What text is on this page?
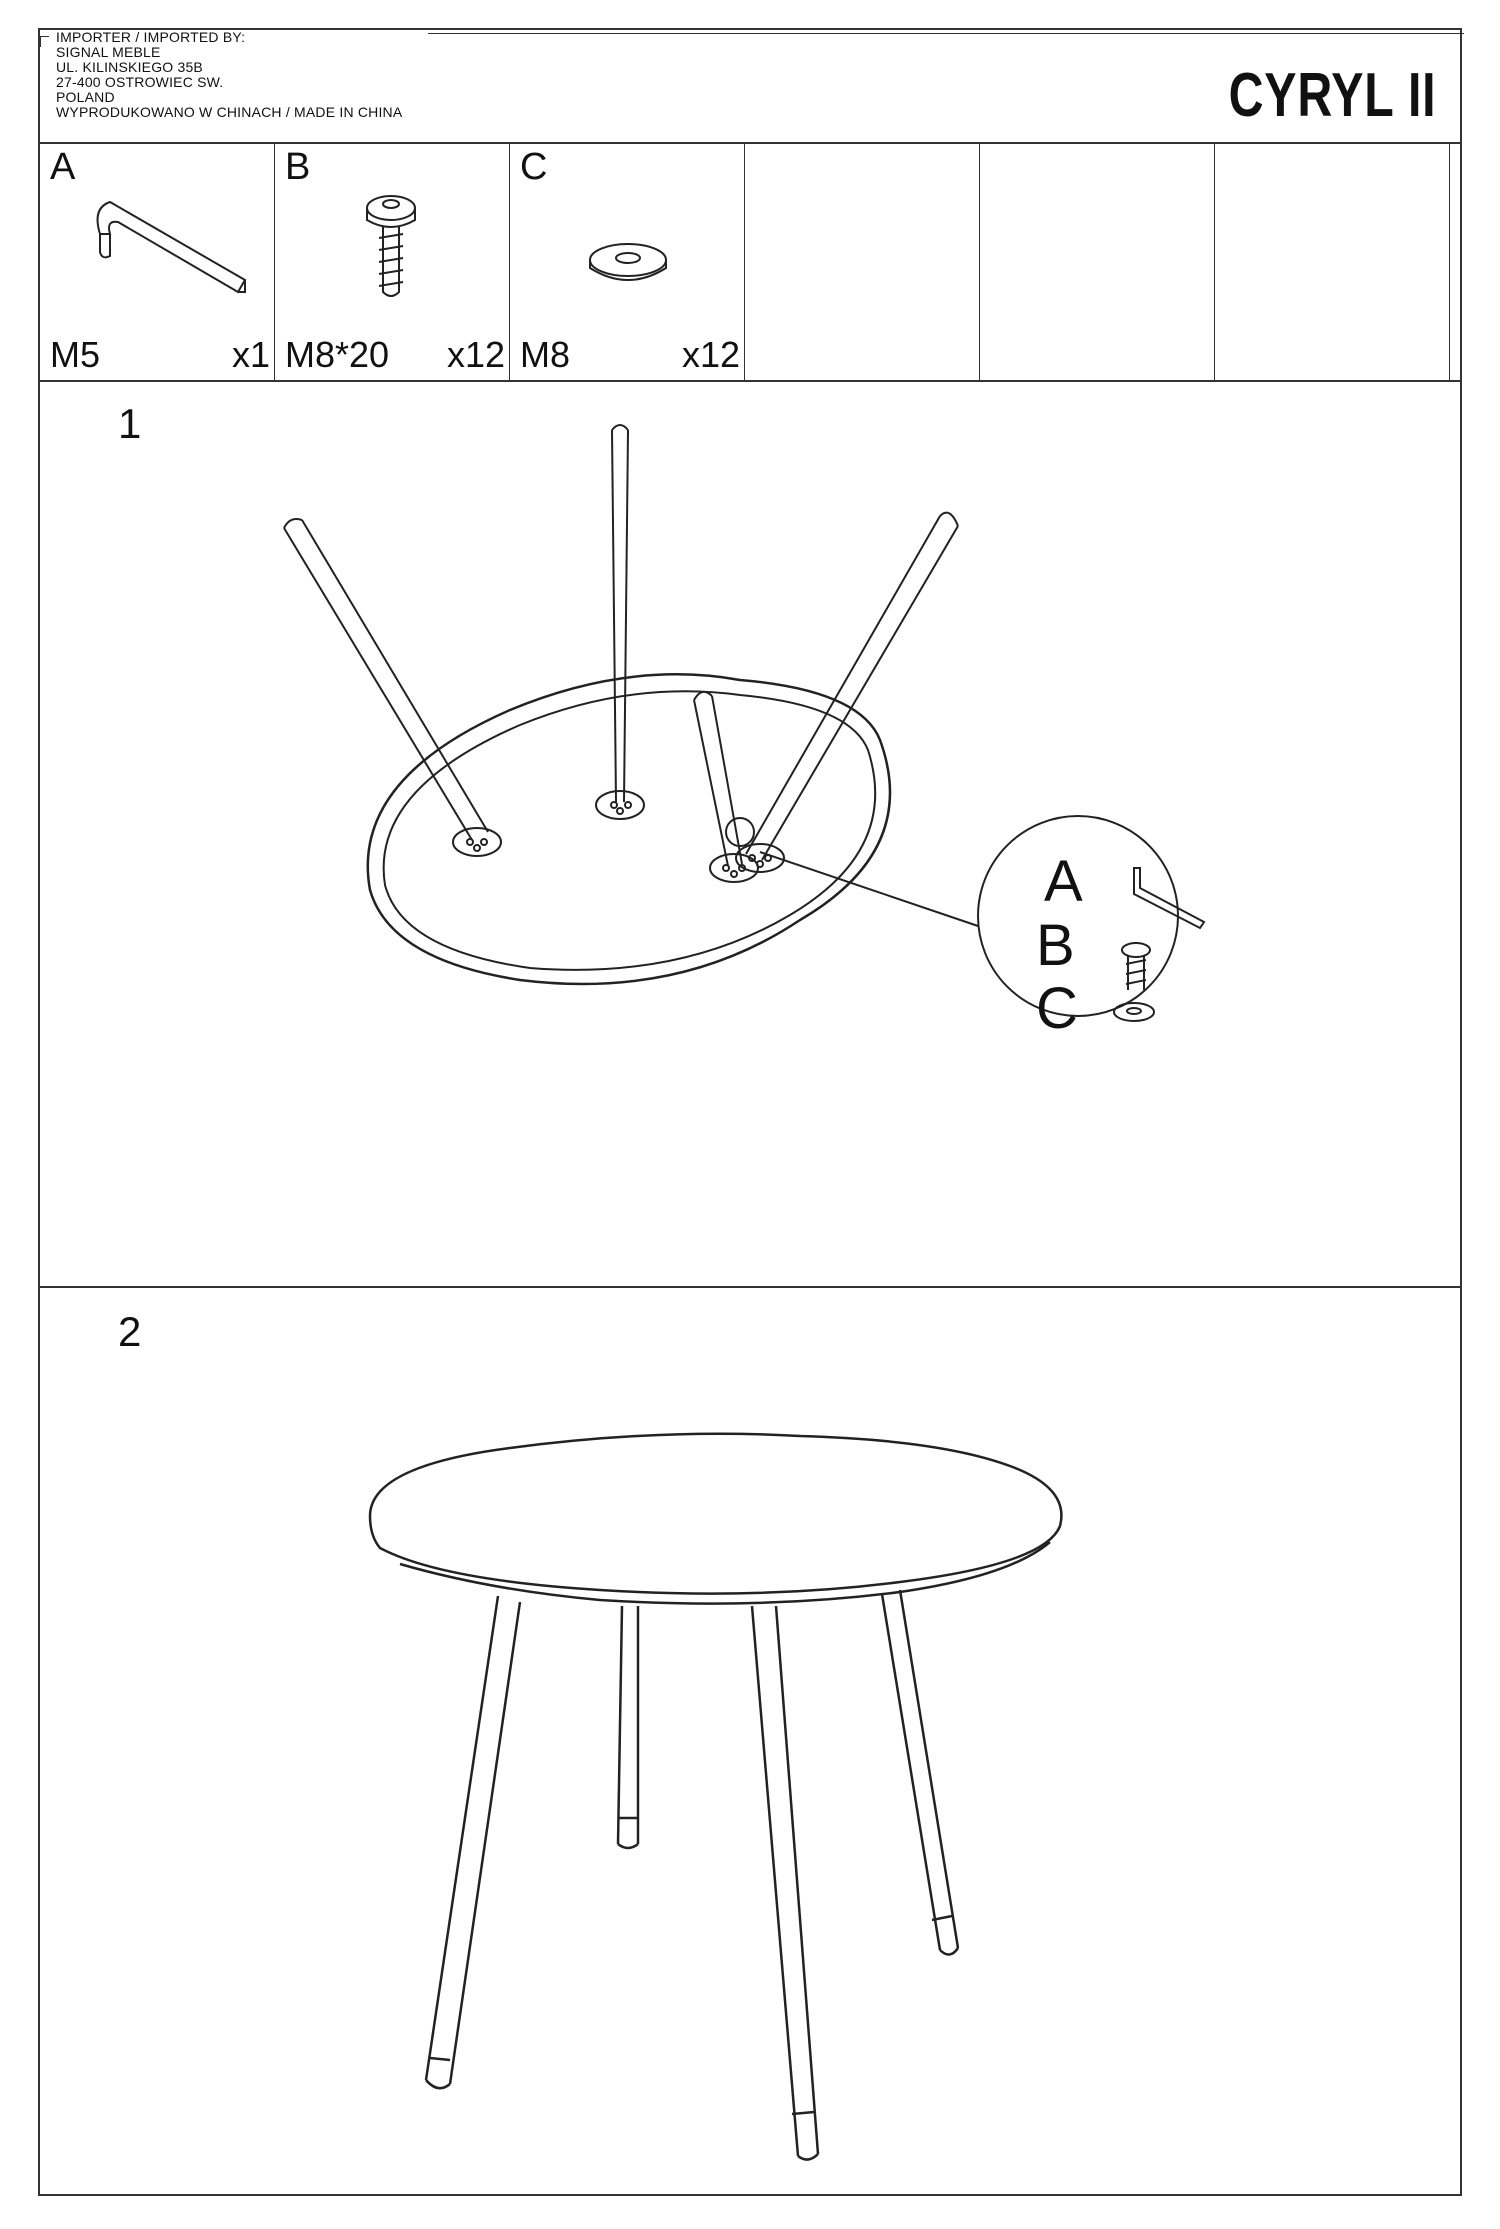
IMPORTER / IMPORTED BY:
SIGNAL MEBLE
UL. KILINSKIEGO 35B
27-400 OSTROWIEC SW.
POLAND
WYPRODUKOWANO W CHINACH / MADE IN CHINA	CYRYL II
A
M5	x1
B
M8*20 x12
C
M8	x12
1
A
B
C
2
